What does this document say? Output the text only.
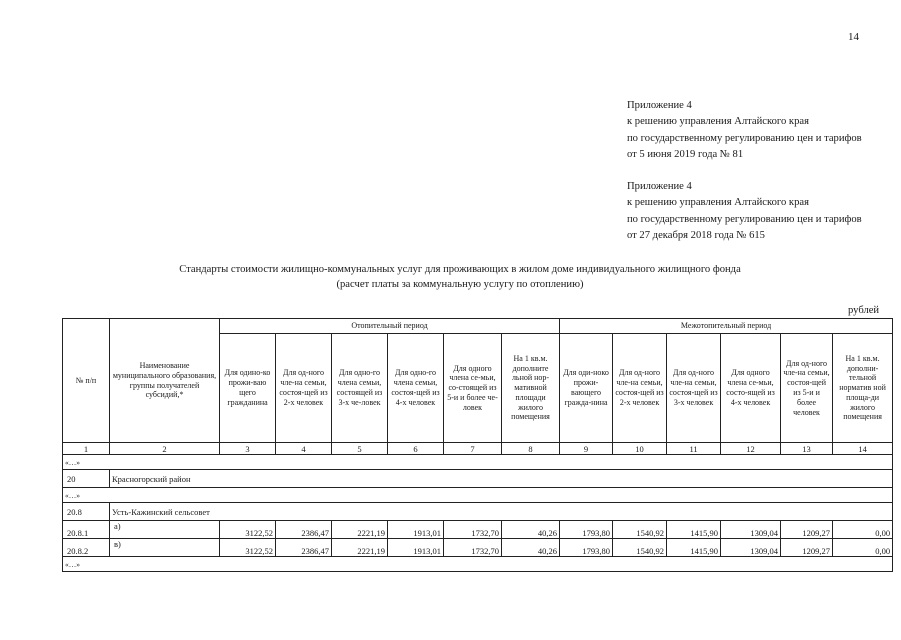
14
Приложение 4
к решению управления Алтайского края
по государственному регулированию цен и тарифов
от 5 июня 2019 года № 81
Приложение 4
к решению управления Алтайского края
по государственному регулированию цен и тарифов
от 27 декабря 2018 года № 615
Стандарты стоимости жилищно-коммунальных услуг для проживающих в жилом доме индивидуального жилищного фонда
(расчет платы за коммунальную услугу по отоплению)
рублей
№ п/п	Наименование муниципального образования, группы получателей субсидий,*	Отопительный период						Межотопительный период					
		Для одино-ко прожи-ваю щего гражданина	Для од-ного чле-на семьи, состоя-щей из 2-х человек	Для одно-го члена семьи, состоящей из 3-х че-ловек	Для одно-го члена семьи, состоя-щей из 4-х человек	Для одного члена се-мьи, со-стоящей из 5-и и более че-ловек	На 1 кв.м. дополните льной нор-мативной площади жилого помещения	Для оди-ноко прожи-вающего гражда-нина	Для од-ного чле-на семьи, состоя-щей из 2-х человек	Для од-ного чле-на семьи, состоя-щей из 3-х человек	Для одного члена се-мьи, состо-ящей из 4-х человек	Для од-ного чле-на семьи, состоя-щей из 5-и и более человек	На 1 кв.м. дополни-тельной норматив ной площа-ди жилого помещения
1	2	3	4	5	6	7	8	9	10	11	12	13	14
«…»													
20	Красногорский район												
«…»													
20.8	Усть-Кажинский сельсовет												
20.8.1	а)	3122,52	2386,47	2221,19	1913,01	1732,70	40,26	1793,80	1540,92	1415,90	1309,04	1209,27	0,00
20.8.2	в)	3122,52	2386,47	2221,19	1913,01	1732,70	40,26	1793,80	1540,92	1415,90	1309,04	1209,27	0,00
«…»													
